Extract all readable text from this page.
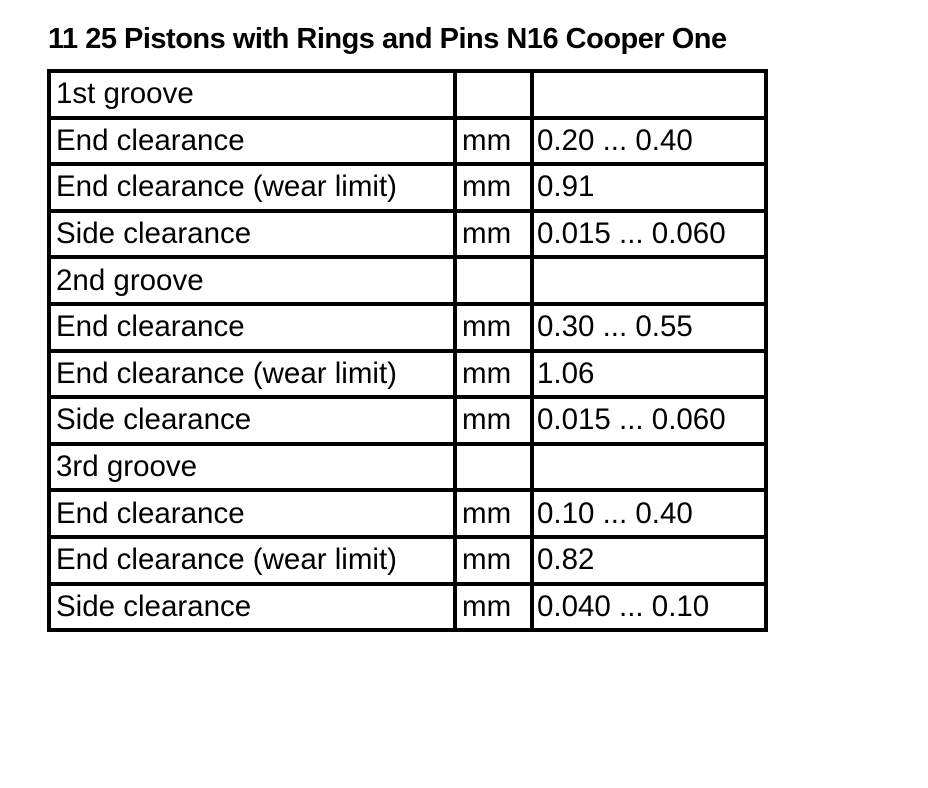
11 25 Pistons with Rings and Pins N16 Cooper One
1st groove		
End clearance	mm	0.20 ... 0.40
End clearance (wear limit)	mm	0.91
Side clearance	mm	0.015 ... 0.060
2nd groove		
End clearance	mm	0.30 ... 0.55
End clearance (wear limit)	mm	1.06
Side clearance	mm	0.015 ... 0.060
3rd groove		
End clearance	mm	0.10 ... 0.40
End clearance (wear limit)	mm	0.82
Side clearance	mm	0.040 ... 0.10
